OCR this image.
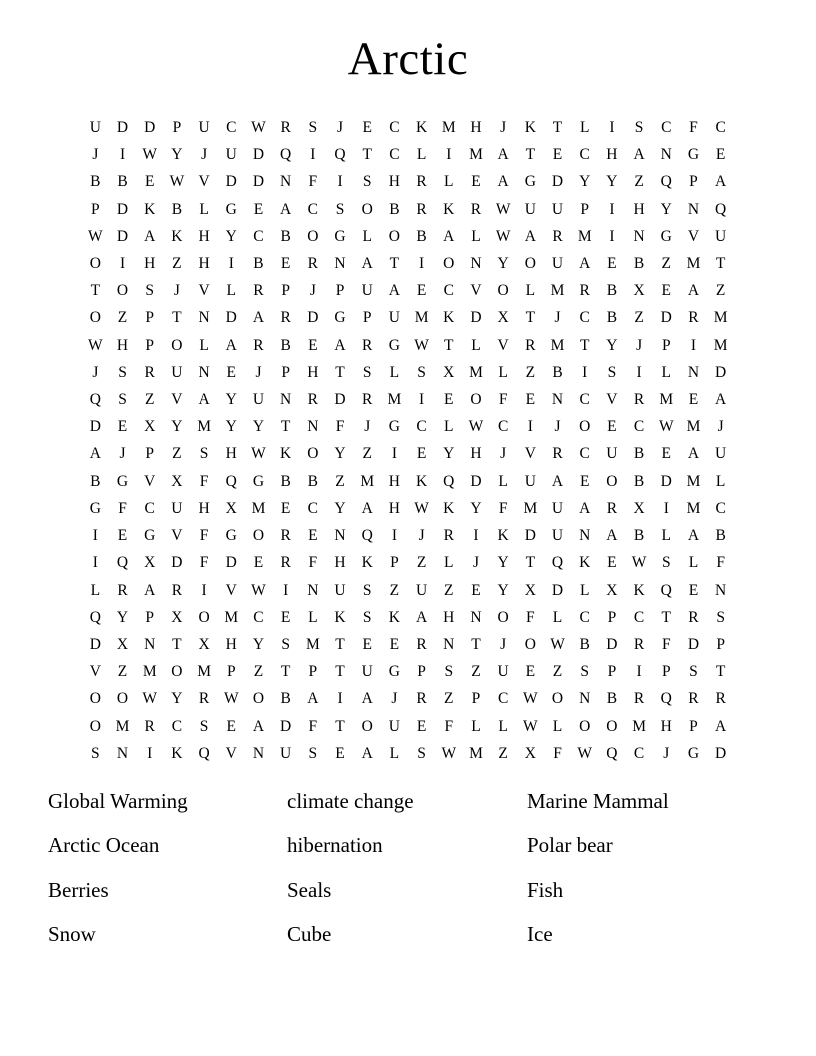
Arctic
U	D	D	P	U	C	W	R	S	J	E	C	K	M	H	J	K	T	L	I	S	C	F	C
J	I	W	Y	J	U	D	Q	I	Q	T	C	L	I	M	A	T	E	C	H	A	N	G	E
B	B	E	W	V	D	D	N	F	I	S	H	R	L	E	A	G	D	Y	Y	Z	Q	P	A
P	D	K	B	L	G	E	A	C	S	O	B	R	K	R	W	U	U	P	I	H	Y	N	Q
W	D	A	K	H	Y	C	B	O	G	L	O	B	A	L	W	A	R	M	I	N	G	V	U
O	I	H	Z	H	I	B	E	R	N	A	T	I	O	N	Y	O	U	A	E	B	Z	M	T
T	O	S	J	V	L	R	P	J	P	U	A	E	C	V	O	L	M	R	B	X	E	A	Z
O	Z	P	T	N	D	A	R	D	G	P	U	M	K	D	X	T	J	C	B	Z	D	R	M
W	H	P	O	L	A	R	B	E	A	R	G	W	T	L	V	R	M	T	Y	J	P	I	M
J	S	R	U	N	E	J	P	H	T	S	L	S	X	M	L	Z	B	I	S	I	L	N	D
Q	S	Z	V	A	Y	U	N	R	D	R	M	I	E	O	F	E	N	C	V	R	M	E	A
D	E	X	Y	M	Y	Y	T	N	F	J	G	C	L	W	C	I	J	O	E	C	W	M	J
A	J	P	Z	S	H	W	K	O	Y	Z	I	E	Y	H	J	V	R	C	U	B	E	A	U
B	G	V	X	F	Q	G	B	B	Z	M	H	K	Q	D	L	U	A	E	O	B	D	M	L
G	F	C	U	H	X	M	E	C	Y	A	H	W	K	Y	F	M	U	A	R	X	I	M	C
I	E	G	V	F	G	O	R	E	N	Q	I	J	R	I	K	D	U	N	A	B	L	A	B
I	Q	X	D	F	D	E	R	F	H	K	P	Z	L	J	Y	T	Q	K	E	W	S	L	F
L	R	A	R	I	V	W	I	N	U	S	Z	U	Z	E	Y	X	D	L	X	K	Q	E	N
Q	Y	P	X	O	M	C	E	L	K	S	K	A	H	N	O	F	L	C	P	C	T	R	S
D	X	N	T	X	H	Y	S	M	T	E	E	R	N	T	J	O	W	B	D	R	F	D	P
V	Z	M	O	M	P	Z	T	P	T	U	G	P	S	Z	U	E	Z	S	P	I	P	S	T
O	O	W	Y	R	W	O	B	A	I	A	J	R	Z	P	C	W	O	N	B	R	Q	R	R
O	M	R	C	S	E	A	D	F	T	O	U	E	F	L	L	W	L	O	O	M	H	P	A
S	N	I	K	Q	V	N	U	S	E	A	L	S	W	M	Z	X	F	W	Q	C	J	G	D
Global Warming	climate change	Marine Mammal
Arctic Ocean	hibernation	Polar bear
Berries	Seals	Fish
Snow	Cube	Ice
